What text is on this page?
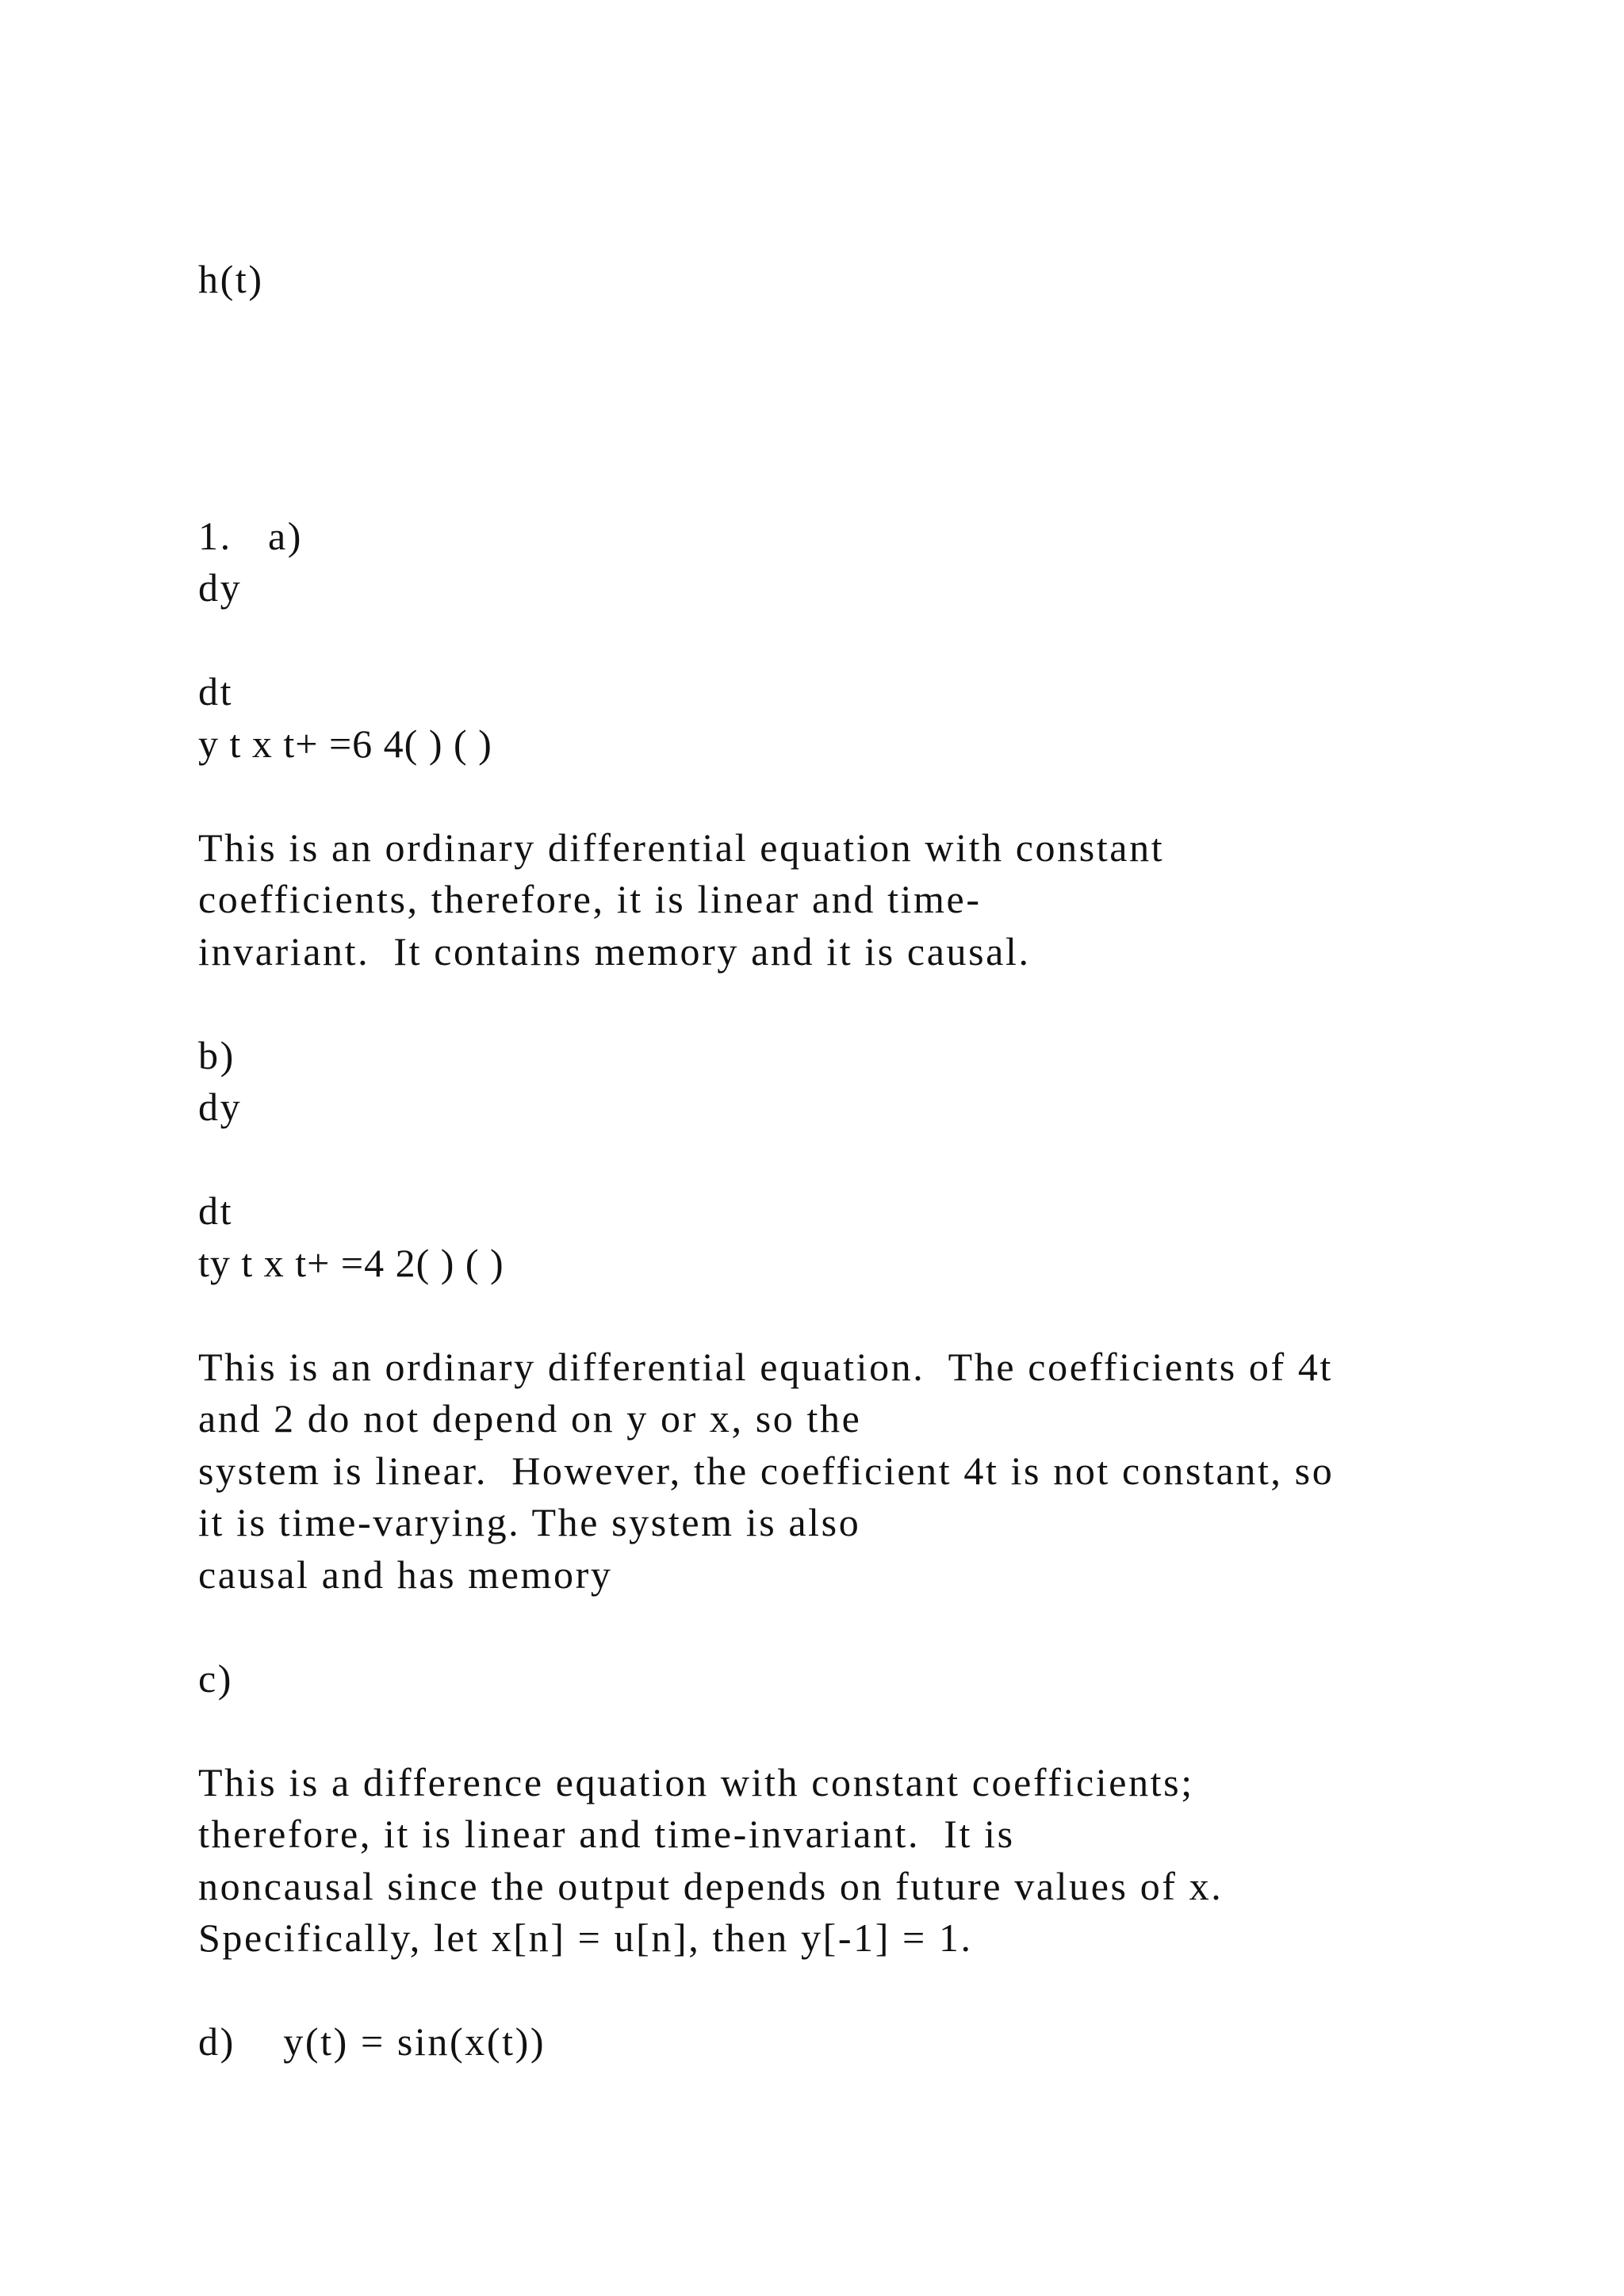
h(t)

1.   a)

dy

dt

y t x t+ =6 4( ) ( )

This is an ordinary differential equation with constant

coefficients, therefore, it is linear and time-

invariant.  It contains memory and it is causal.

b)

dy

dt

ty t x t+ =4 2( ) ( )

This is an ordinary differential equation.  The coefficients of 4t

and 2 do not depend on y or x, so the

system is linear.  However, the coefficient 4t is not constant, so

it is time-varying. The system is also

causal and has memory

c)

This is a difference equation with constant coefficients;

therefore, it is linear and time-invariant.  It is

noncausal since the output depends on future values of x.

Specifically, let x[n] = u[n], then y[-1] = 1.

d)    y(t) = sin(x(t))
